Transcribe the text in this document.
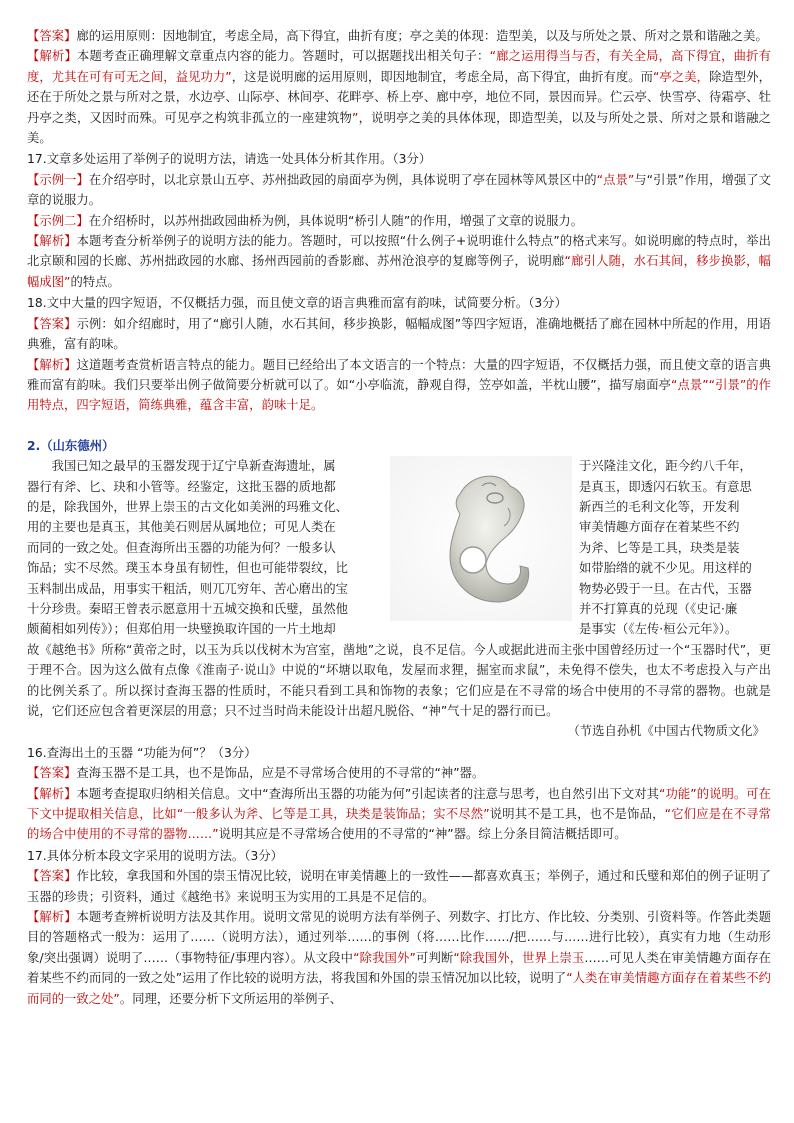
【答案】廊的运用原则：因地制宜，考虑全局，高下得宜，曲折有度；亭之美的体现：造型美，以及与所处之景、所对之景和谐融之美。

【解析】本题考查正确理解文章重点内容的能力。答题时，可以据题找出相关句子：“廊之运用得当与否，有关全局，高下得宜，曲折有度，尤其在可有可无之间，益见功力”，这是说明廊的运用原则，即因地制宜，考虑全局，高下得宜，曲折有度。而“亭之美，除造型外，还在于所处之景与所对之景，水边亭、山际亭、林间亭、花畔亭、桥上亭、廊中亭，地位不同，景因而异。伫云亭、快雪亭、待霜亭、牡丹亭之类，又因时而殊。可见亭之构筑非孤立的一座建筑物”，说明亭之美的具体体现，即造型美，以及与所处之景、所对之景和谐融之美。

17.文章多处运用了举例子的说明方法，请选一处具体分析其作用。（3分）

【示例一】在介绍亭时，以北京景山五亭、苏州拙政园的扇面亭为例，具体说明了亭在园林等风景区中的“点景”与“引景”作用，增强了文章的说服力。

【示例二】在介绍桥时，以苏州拙政园曲桥为例，具体说明“桥引人随”的作用，增强了文章的说服力。

【解析】本题考查分析举例子的说明方法的能力。答题时，可以按照“什么例子+说明谁什么特点”的格式来写。如说明廊的特点时，举出北京颐和园的长廊、苏州拙政园的水廊、扬州西园前的香影廊、苏州沧浪亭的复廊等例子，说明廊“廊引人随，水石其间，移步换影，幅幅成图”的特点。

18.文中大量的四字短语，不仅概括力强，而且使文章的语言典雅而富有韵味，试简要分析。（3分）

【答案】示例：如介绍廊时，用了“廊引人随，水石其间，移步换影，幅幅成图”等四字短语，准确地概括了廊在园林中所起的作用，用语典雅，富有韵味。

【解析】这道题考查赏析语言特点的能力。题目已经给出了本文语言的一个特点：大量的四字短语，不仅概括力强，而且使文章的语言典雅而富有韵味。我们只要举出例子做简要分析就可以了。如“小亭临流，静观自得，笠亭如盖，半枕山腰”，描写扇面亭“点景”“引景”的作用特点，四字短语，简练典雅，蕴含丰富，韵味十足。

2.（山东德州）

我国已知之最早的玉器发现于辽宁阜新查海遗址，属	于兴隆洼文化，距今约八千年，
器行有斧、匕、玦和小管等。经鉴定，这批玉器的质地都	是真玉，即透闪石软玉。有意思
的是，除我国外，世界上崇玉的古文化如美洲的玛雅文化、	新西兰的毛利文化等，开发利
用的主要也是真玉，其他美石则居从属地位；可见人类在	审美情趣方面存在着某些不约
而同的一致之处。但查海所出玉器的功能为何？一般多认	为斧、匕等是工具，玦类是装
饰品；实不尽然。璞玉本身虽有韧性，但也可能带裂纹，比	如带胎绺的就不少见。用这样的
玉料制出成品，用事实干粗活，则兀兀穷年、苦心磨出的宝	物势必毁于一旦。在古代，玉器
十分珍贵。秦昭王曾表示愿意用十五城交换和氏璧，虽然他	并不打算真的兑现（《史记·廉
颇蔺相如列传》）；但郑伯用一块璧换取许国的一片土地却	是事实（《左传·桓公元年》）。

故《越绝书》所称“黄帝之时，以玉为兵以伐树木为宫室，凿地”之说，良不足信。今人或据此进而主张中国曾经历过一个“玉器时代”，更于理不合。因为这么做有点像《淮南子·说山》中说的“坏塘以取龟，发屋而求狸，掘室而求鼠”，未免得不偿失，也太不考虑投入与产出的比例关系了。所以探讨查海玉器的性质时，不能只看到工具和饰物的表象；它们应是在不寻常的场合中使用的不寻常的器物。也就是说，它们还应包含着更深层的用意；只不过当时尚未能设计出超凡脱俗、“神”气十足的器行而已。

（节选自孙机《中国古代物质文化》

16.查海出土的玉器 “功能为何”？（3分）

【答案】查海玉器不是工具，也不是饰品，应是不寻常场合使用的不寻常的“神”器。

【解析】本题考查提取归纳相关信息。文中“查海所出玉器的功能为何”引起读者的注意与思考，也自然引出下文对其“功能”的说明。可在下文中提取相关信息，比如“一般多认为斧、匕等是工具，玦类是装饰品；实不尽然”说明其不是工具，也不是饰品，“它们应是在不寻常的场合中使用的不寻常的器物……”说明其应是不寻常场合使用的不寻常的“神”器。综上分条目简洁概括即可。

17.具体分析本段文字采用的说明方法。（3分）

【答案】作比较，拿我国和外国的崇玉情况比较，说明在审美情趣上的一致性——都喜欢真玉；举例子，通过和氏璧和郑伯的例子证明了玉器的珍贵；引资料，通过《越绝书》来说明玉为实用的工具是不足信的。

【解析】本题考查辨析说明方法及其作用。说明文常见的说明方法有举例子、列数字、打比方、作比较、分类别、引资料等。作答此类题目的答题格式一般为：运用了……（说明方法），通过列举……的事例（将……比作……/把……与……进行比较），真实有力地（生动形象/突出强调）说明了……（事物特征/事理内容）。从文段中“除我国外”可判断“除我国外，世界上崇玉……可见人类在审美情趣方面存在着某些不约而同的一致之处”运用了作比较的说明方法，将我国和外国的崇玉情况加以比较，说明了“人类在审美情趣方面存在着某些不约而同的一致之处”。同理，还要分析下文所运用的举例子、
